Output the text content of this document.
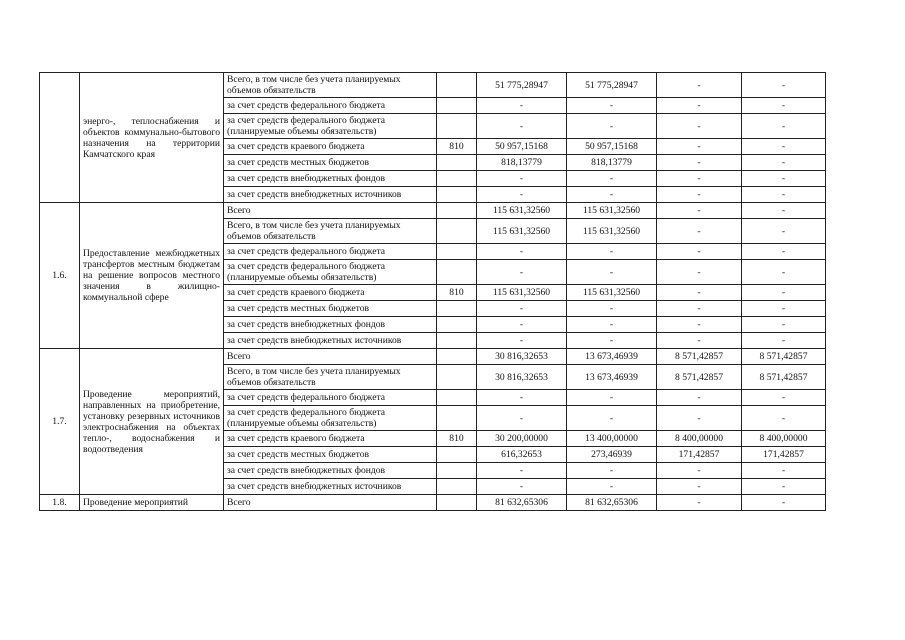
	энерго-, теплоснабжения и объектов коммунально-бытового назначения на территории Камчатского края	Всего, в том числе без учета планируемых объемов обязательств		51 775,28947	51 775,28947	-	-
		за счет средств федерального бюджета		-	-	-	-
		за счет средств федерального бюджета (планируемые объемы обязательств)		-	-	-	-
		за счет средств краевого бюджета	810	50 957,15168	50 957,15168	-	-
		за счет средств местных бюджетов		818,13779	818,13779	-	-
		за счет средств внебюджетных фондов		-	-	-	-
		за счет средств внебюджетных источников		-	-	-	-
1.6.	Предоставление межбюджетных трансфертов местным бюджетам на решение вопросов местного значения в жилищно-коммунальной сфере	Всего		115 631,32560	115 631,32560	-	-
		Всего, в том числе без учета планируемых объемов обязательств		115 631,32560	115 631,32560	-	-
		за счет средств федерального бюджета		-	-	-	-
		за счет средств федерального бюджета (планируемые объемы обязательств)		-	-	-	-
		за счет средств краевого бюджета	810	115 631,32560	115 631,32560	-	-
		за счет средств местных бюджетов		-	-	-	-
		за счет средств внебюджетных фондов		-	-	-	-
		за счет средств внебюджетных источников		-	-	-	-
1.7.	Проведение мероприятий, направленных на приобретение, установку резервных источников электроснабжения на объектах тепло-, водоснабжения и водоотведения	Всего		30 816,32653	13 673,46939	8 571,42857	8 571,42857
		Всего, в том числе без учета планируемых объемов обязательств		30 816,32653	13 673,46939	8 571,42857	8 571,42857
		за счет средств федерального бюджета		-	-	-	-
		за счет средств федерального бюджета (планируемые объемы обязательств)		-	-	-	-
		за счет средств краевого бюджета	810	30 200,00000	13 400,00000	8 400,00000	8 400,00000
		за счет средств местных бюджетов		616,32653	273,46939	171,42857	171,42857
		за счет средств внебюджетных фондов		-	-	-	-
		за счет средств внебюджетных источников		-	-	-	-
1.8.	Проведение мероприятий	Всего		81 632,65306	81 632,65306	-	-
